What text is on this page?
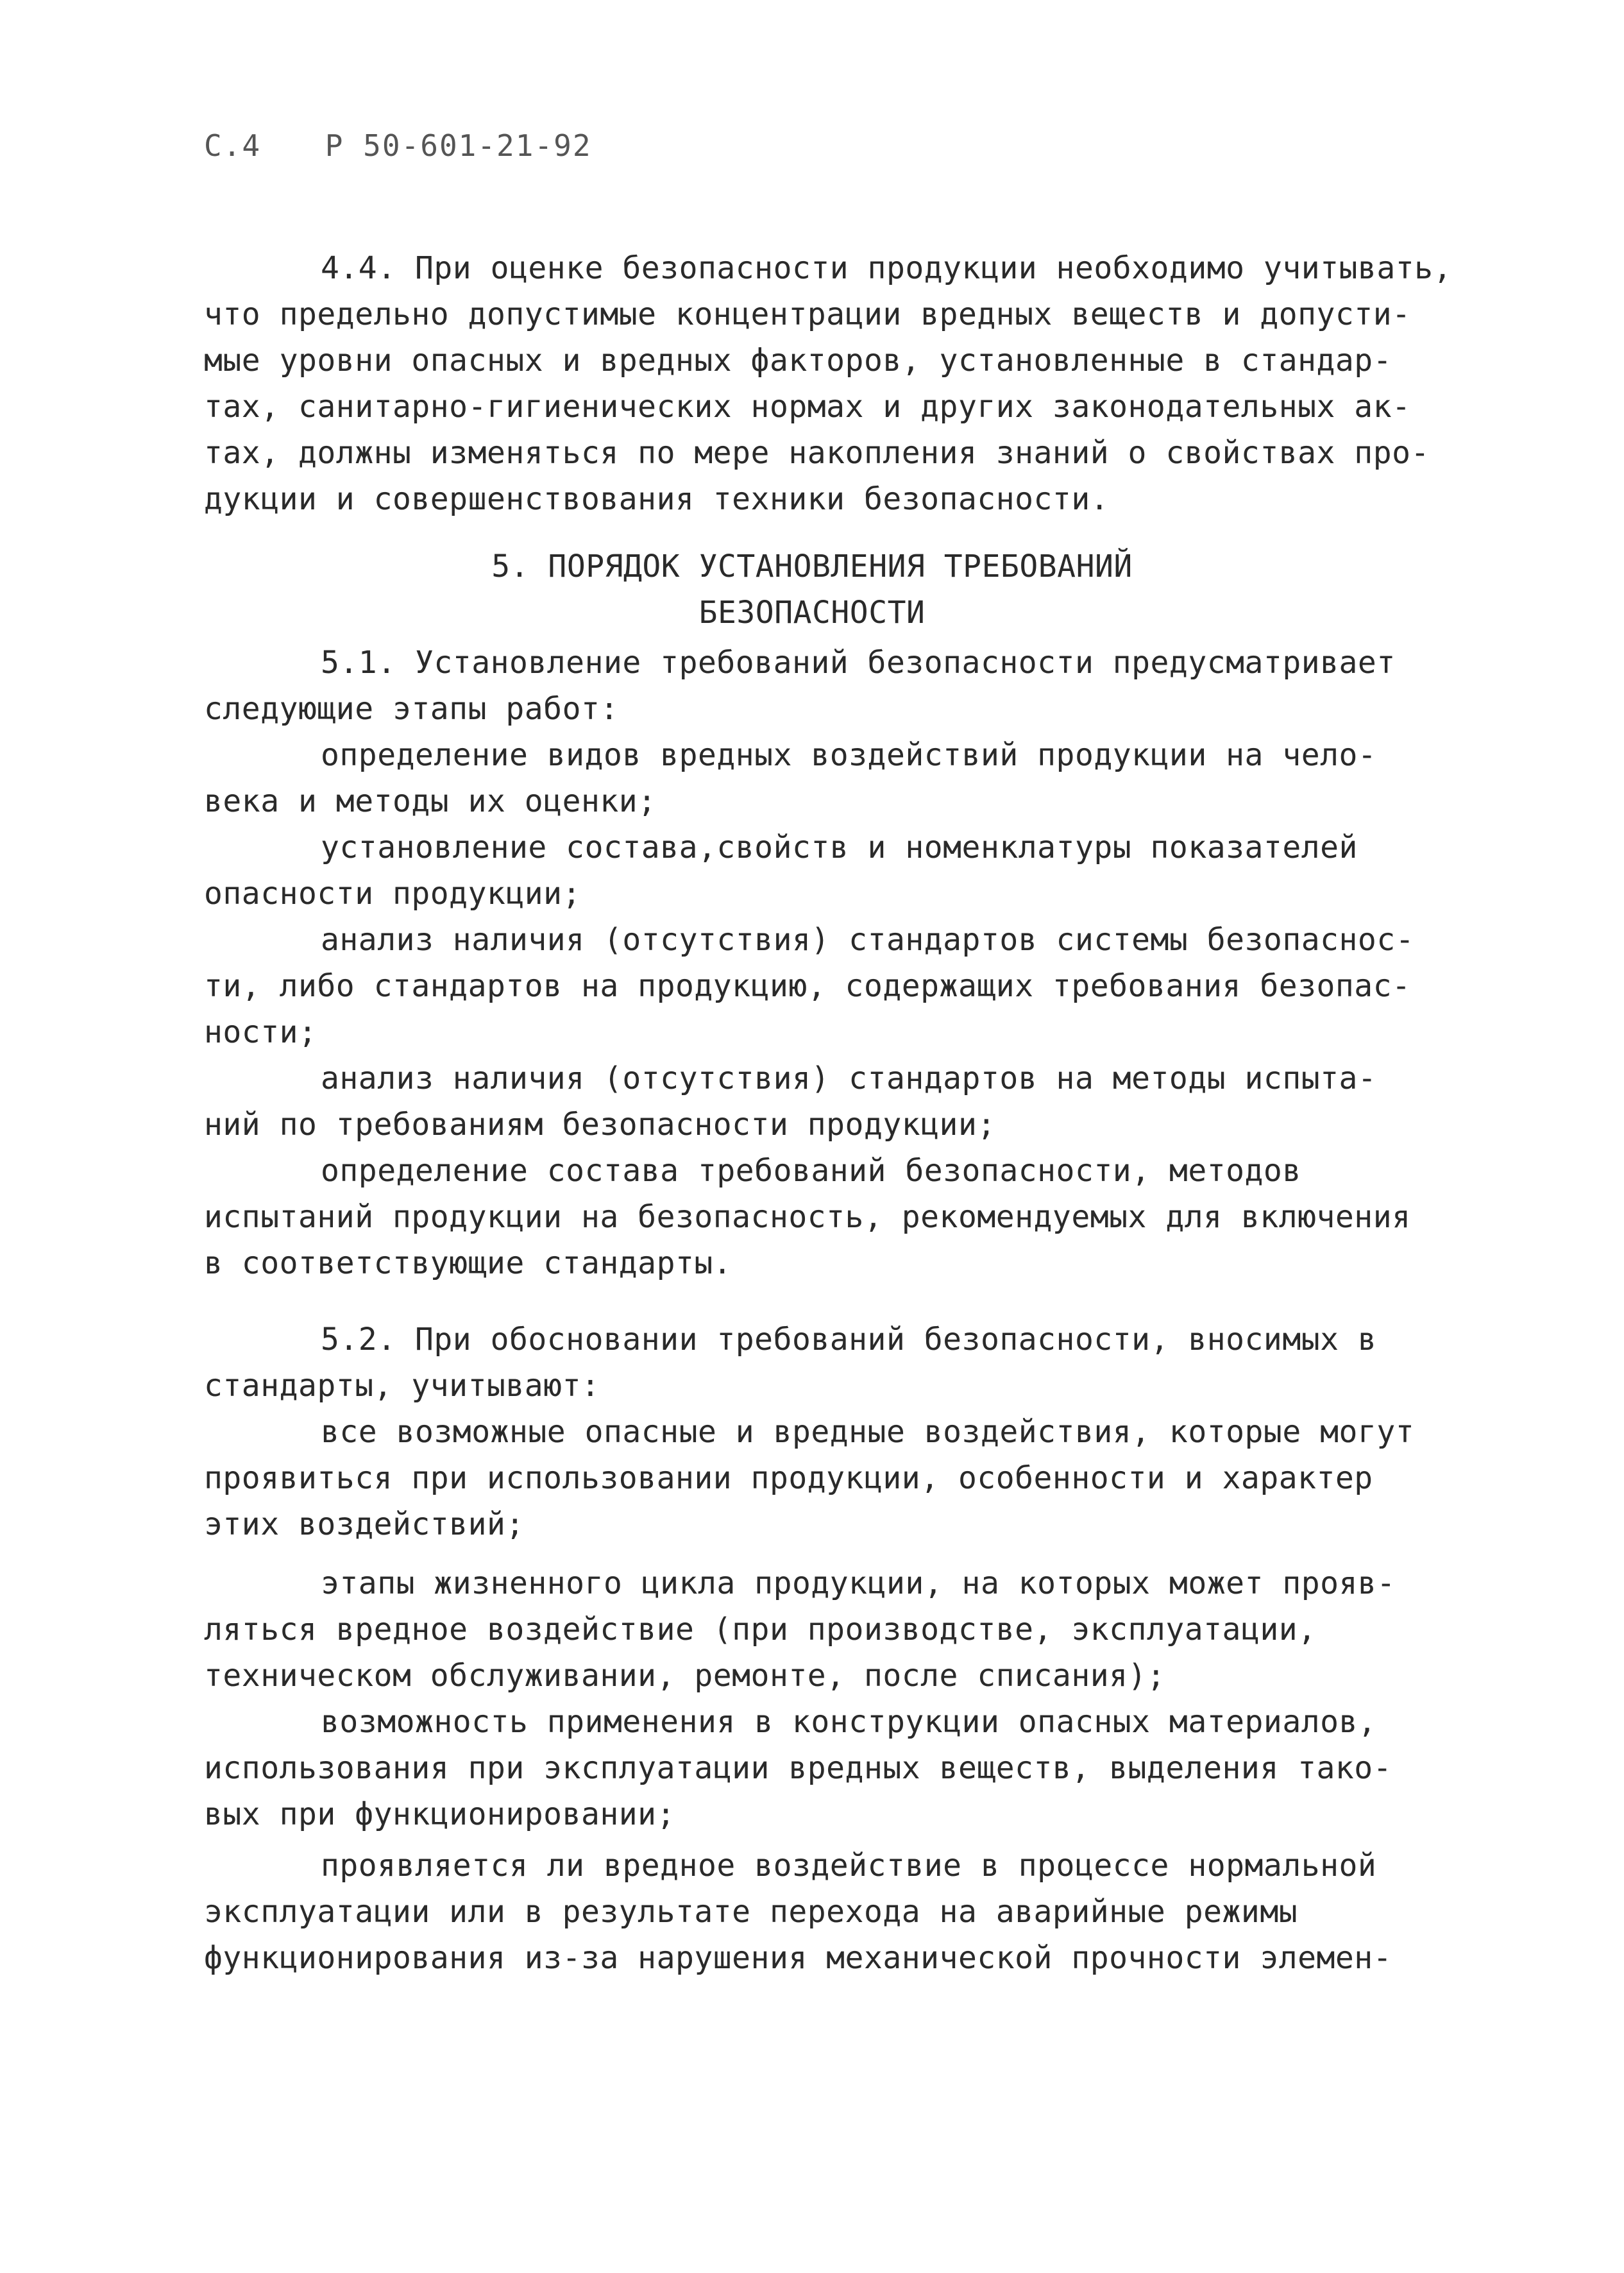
С.4 Р 50-601-21-92
4.4. При оценке безопасности продукции необходимо учитывать,
что предельно допустимые концентрации вредных веществ и допусти-
мые уровни опасных и вредных факторов, установленные в стандар-
тах, санитарно-гигиенических нормах и других законодательных ак-
тах, должны изменяться по мере накопления знаний о свойствах про-
дукции и совершенствования техники безопасности.
5. ПОРЯДОК УСТАНОВЛЕНИЯ ТРЕБОВАНИЙ
БЕЗОПАСНОСТИ
5.1. Установление требований безопасности предусматривает
следующие этапы работ:
определение видов вредных воздействий продукции на чело-
века и методы их оценки;
установление состава,свойств и номенклатуры показателей
опасности продукции;
анализ наличия (отсутствия) стандартов системы безопаснос-
ти, либо стандартов на продукцию, содержащих требования безопас-
ности;
анализ наличия (отсутствия) стандартов на методы испыта-
ний по требованиям безопасности продукции;
определение состава требований безопасности, методов
испытаний продукции на безопасность, рекомендуемых для включения
в соответствующие стандарты.
5.2. При обосновании требований безопасности, вносимых в
стандарты, учитывают:
все возможные опасные и вредные воздействия, которые могут
проявиться при использовании продукции, особенности и характер
этих воздействий;
этапы жизненного цикла продукции, на которых может прояв-
ляться вредное воздействие (при производстве, эксплуатации,
техническом обслуживании, ремонте, после списания);
возможность применения в конструкции опасных материалов,
использования при эксплуатации вредных веществ, выделения тако-
вых при функционировании;
проявляется ли вредное воздействие в процессе нормальной
эксплуатации или в результате перехода на аварийные режимы
функционирования из-за нарушения механической прочности элемен-
